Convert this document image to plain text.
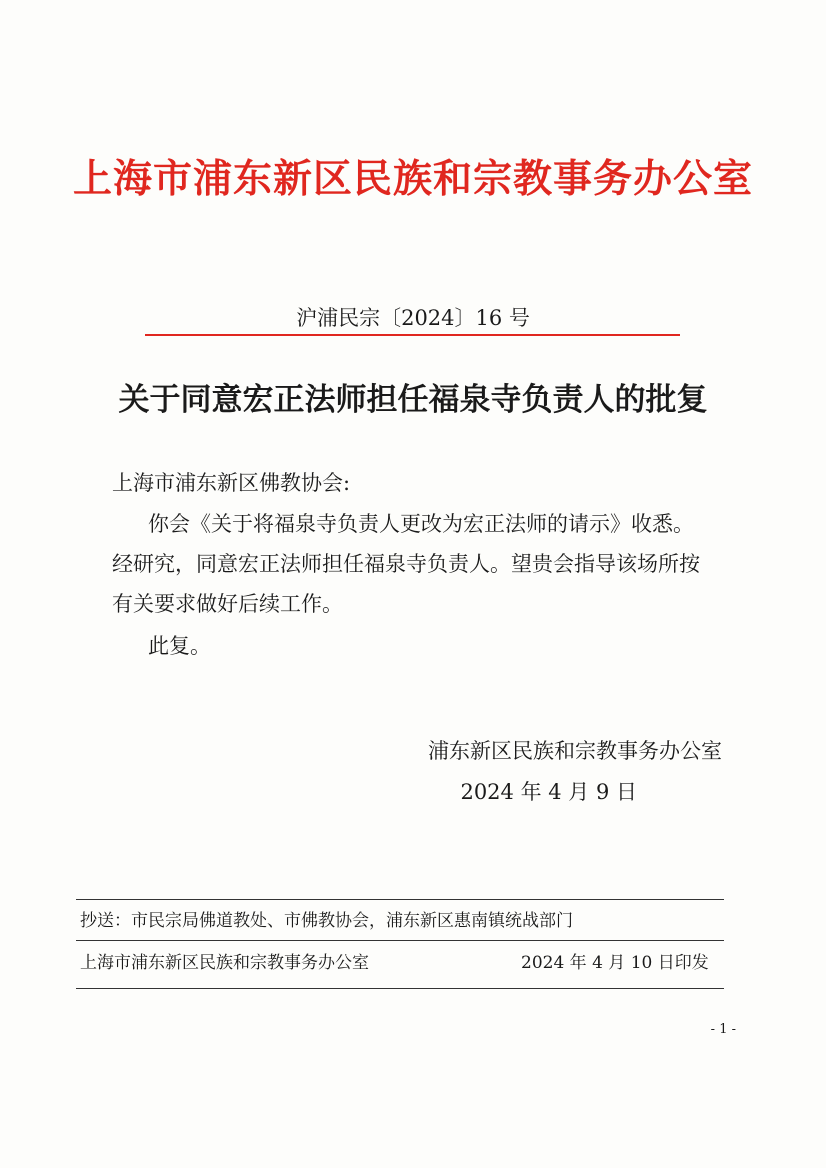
上海市浦东新区民族和宗教事务办公室
沪浦民宗〔2024〕16 号
关于同意宏正法师担任福泉寺负责人的批复
上海市浦东新区佛教协会:
你会《关于将福泉寺负责人更改为宏正法师的请示》收悉。
经研究，同意宏正法师担任福泉寺负责人。望贵会指导该场所按
有关要求做好后续工作。
此复。
浦东新区民族和宗教事务办公室
2024 年 4 月 9 日
抄送：市民宗局佛道教处、市佛教协会，浦东新区惠南镇统战部门
上海市浦东新区民族和宗教事务办公室	2024 年 4 月 10 日印发
- 1 -
